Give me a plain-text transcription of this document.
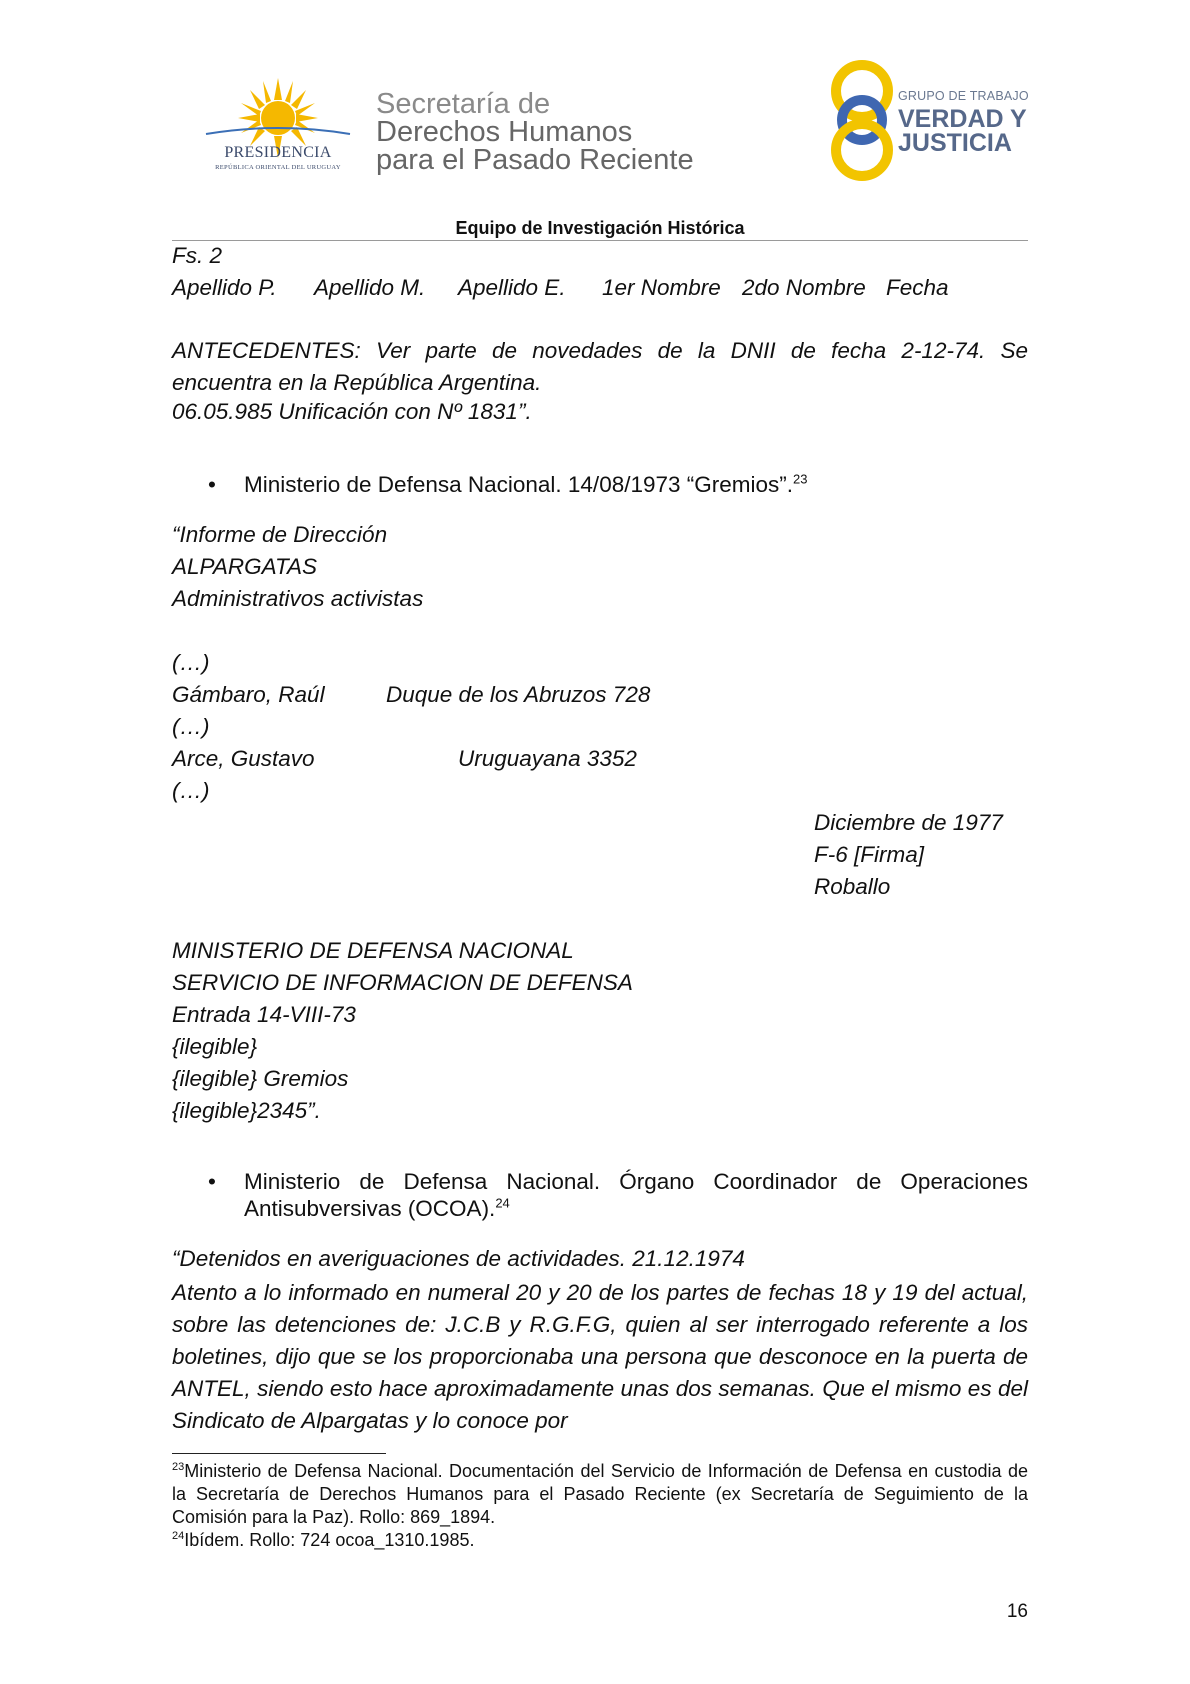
PRESIDENCIA
REPÚBLICA ORIENTAL DEL URUGUAY
Secretaría de
Derechos Humanos
para el Pasado Reciente
GRUPO DE TRABAJO
VERDAD Y
JUSTICIA
Equipo de Investigación Histórica
Fs. 2
Apellido P. Apellido M. Apellido E. 1er Nombre 2do Nombre Fecha
ANTECEDENTES: Ver parte de novedades de la DNII de fecha 2-12-74. Se encuentra en la República Argentina.
06.05.985 Unificación con Nº 1831”.
• Ministerio de Defensa Nacional. 14/08/1973 “Gremios”.$^{23}$
“Informe de Dirección
ALPARGATAS
Administrativos activistas
(…)
Gámbaro, Raúl	Duque de los Abruzos 728
(…)
Arce, Gustavo	Uruguayana 3352
(…)
Diciembre de 1977
F-6 [Firma]
Roballo
MINISTERIO DE DEFENSA NACIONAL
SERVICIO DE INFORMACION DE DEFENSA
Entrada 14-VIII-73
{ilegible}
{ilegible} Gremios
{ilegible}2345”.
• Ministerio de Defensa Nacional. Órgano Coordinador de Operaciones Antisubversivas (OCOA).$^{24}$
“Detenidos en averiguaciones de actividades. 21.12.1974
Atento a lo informado en numeral 20 y 20 de los partes de fechas 18 y 19 del actual, sobre las detenciones de: J.C.B y R.G.F.G, quien al ser interrogado referente a los boletines, dijo que se los proporcionaba una persona que desconoce en la puerta de ANTEL, siendo esto hace aproximadamente unas dos semanas. Que el mismo es del Sindicato de Alpargatas y lo conoce por
$^{23}$Ministerio de Defensa Nacional. Documentación del Servicio de Información de Defensa en custodia de la Secretaría de Derechos Humanos para el Pasado Reciente (ex Secretaría de Seguimiento de la Comisión para la Paz). Rollo: 869_1894.
$^{24}$Ibídem. Rollo: 724 ocoa_1310.1985.
16
